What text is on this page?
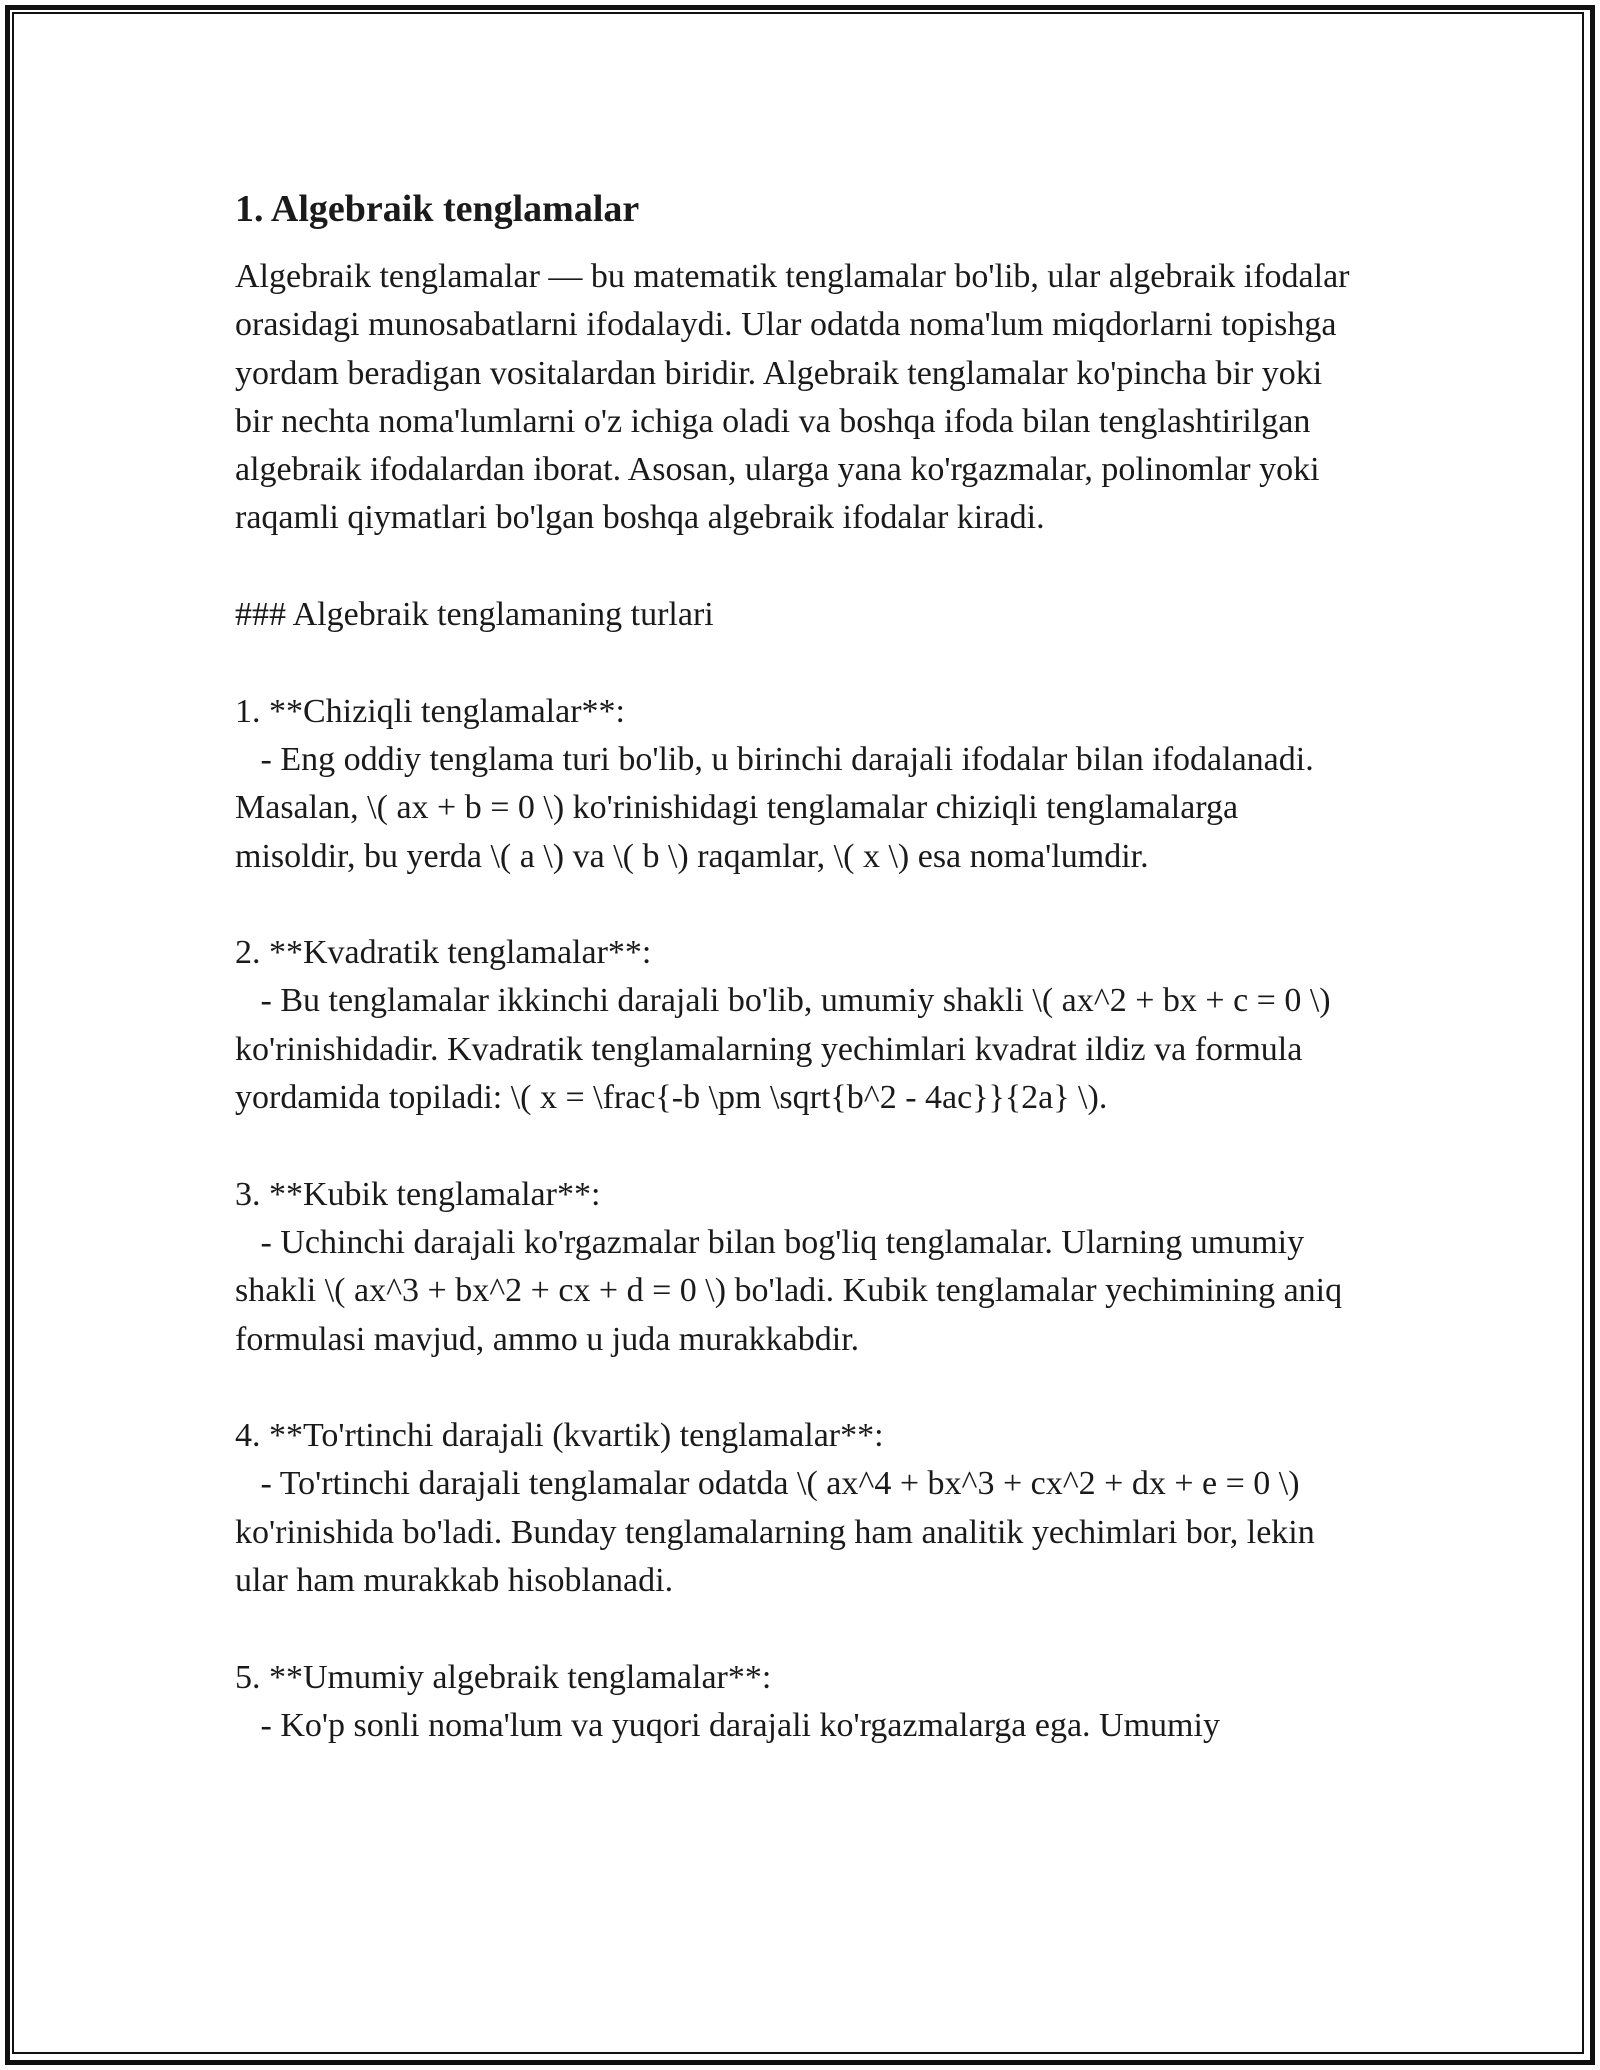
1. Algebraik tenglamalar
Algebraik tenglamalar — bu matematik tenglamalar bo'lib, ular algebraik ifodalar orasidagi munosabatlarni ifodalaydi. Ular odatda noma'lum miqdorlarni topishga yordam beradigan vositalardan biridir. Algebraik tenglamalar ko'pincha bir yoki bir nechta noma'lumlarni o'z ichiga oladi va boshqa ifoda bilan tenglashtirilgan algebraik ifodalardan iborat. Asosan, ularga yana ko'rgazmalar, polinomlar yoki raqamli qiymatlari bo'lgan boshqa algebraik ifodalar kiradi.

### Algebraik tenglamaning turlari

1. **Chiziqli tenglamalar**:
- Eng oddiy tenglama turi bo'lib, u birinchi darajali ifodalar bilan ifodalanadi. Masalan, \( ax + b = 0 \) ko'rinishidagi tenglamalar chiziqli tenglamalarga misoldir, bu yerda \( a \) va \( b \) raqamlar, \( x \) esa noma'lumdir.

2. **Kvadratik tenglamalar**:
- Bu tenglamalar ikkinchi darajali bo'lib, umumiy shakli \( ax^2 + bx + c = 0 \) ko'rinishidadir. Kvadratik tenglamalarning yechimlari kvadrat ildiz va formula yordamida topiladi: \( x = \frac{-b \pm \sqrt{b^2 - 4ac}}{2a} \).

3. **Kubik tenglamalar**:
- Uchinchi darajali ko'rgazmalar bilan bog'liq tenglamalar. Ularning umumiy shakli \( ax^3 + bx^2 + cx + d = 0 \) bo'ladi. Kubik tenglamalar yechimining aniq formulasi mavjud, ammo u juda murakkabdir.

4. **To'rtinchi darajali (kvartik) tenglamalar**:
- To'rtinchi darajali tenglamalar odatda \( ax^4 + bx^3 + cx^2 + dx + e = 0 \) ko'rinishida bo'ladi. Bunday tenglamalarning ham analitik yechimlari bor, lekin ular ham murakkab hisoblanadi.

5. **Umumiy algebraik tenglamalar**:
- Ko'p sonli noma'lum va yuqori darajali ko'rgazmalarga ega. Umumiy
